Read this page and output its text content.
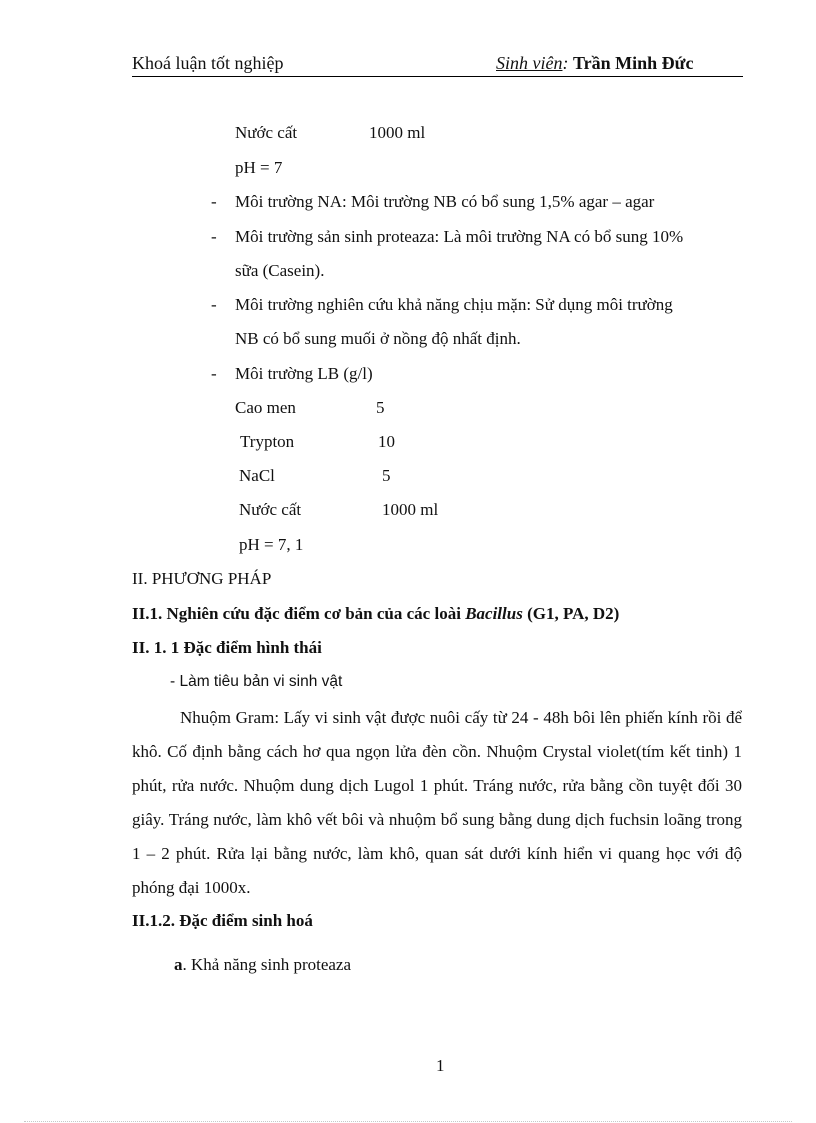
Khoá luận tốt nghiệp	Sinh viên: Trần Minh Đức
Nước cất	1000 ml
pH = 7
- Môi trường NA: Môi trường NB có bổ sung 1,5% agar – agar
- Môi trường sản sinh proteaza: Là môi trường NA có bổ sung 10%
sữa (Casein).
- Môi trường nghiên cứu khả năng chịu mặn: Sử dụng môi trường
NB có bổ sung muối ở nồng độ nhất định.
- Môi trường LB (g/l)
Cao men	5
Trypton	10
NaCl	5
Nước cất	1000 ml
pH = 7, 1
II. PHƯƠNG PHÁP
II.1. Nghiên cứu đặc điểm cơ bản của các loài Bacillus (G1, PA, D2)
II. 1. 1 Đặc điểm hình thái
- Làm tiêu bản vi sinh vật

Nhuộm Gram: Lấy vi sinh vật được nuôi cấy từ 24 - 48h bôi lên phiến kính rồi để khô. Cố định bằng cách hơ qua ngọn lửa đèn cồn. Nhuộm Crystal violet(tím kết tinh) 1 phút, rửa nước. Nhuộm dung dịch Lugol 1 phút. Tráng nước, rửa bằng cồn tuyệt đối 30 giây. Tráng nước, làm khô vết bôi và nhuộm bổ sung bằng dung dịch fuchsin loãng trong 1 – 2 phút. Rửa lại bằng nước, làm khô, quan sát dưới kính hiển vi quang học với độ phóng đại 1000x.

II.1.2. Đặc điểm sinh hoá
a. Khả năng sinh proteaza
1
